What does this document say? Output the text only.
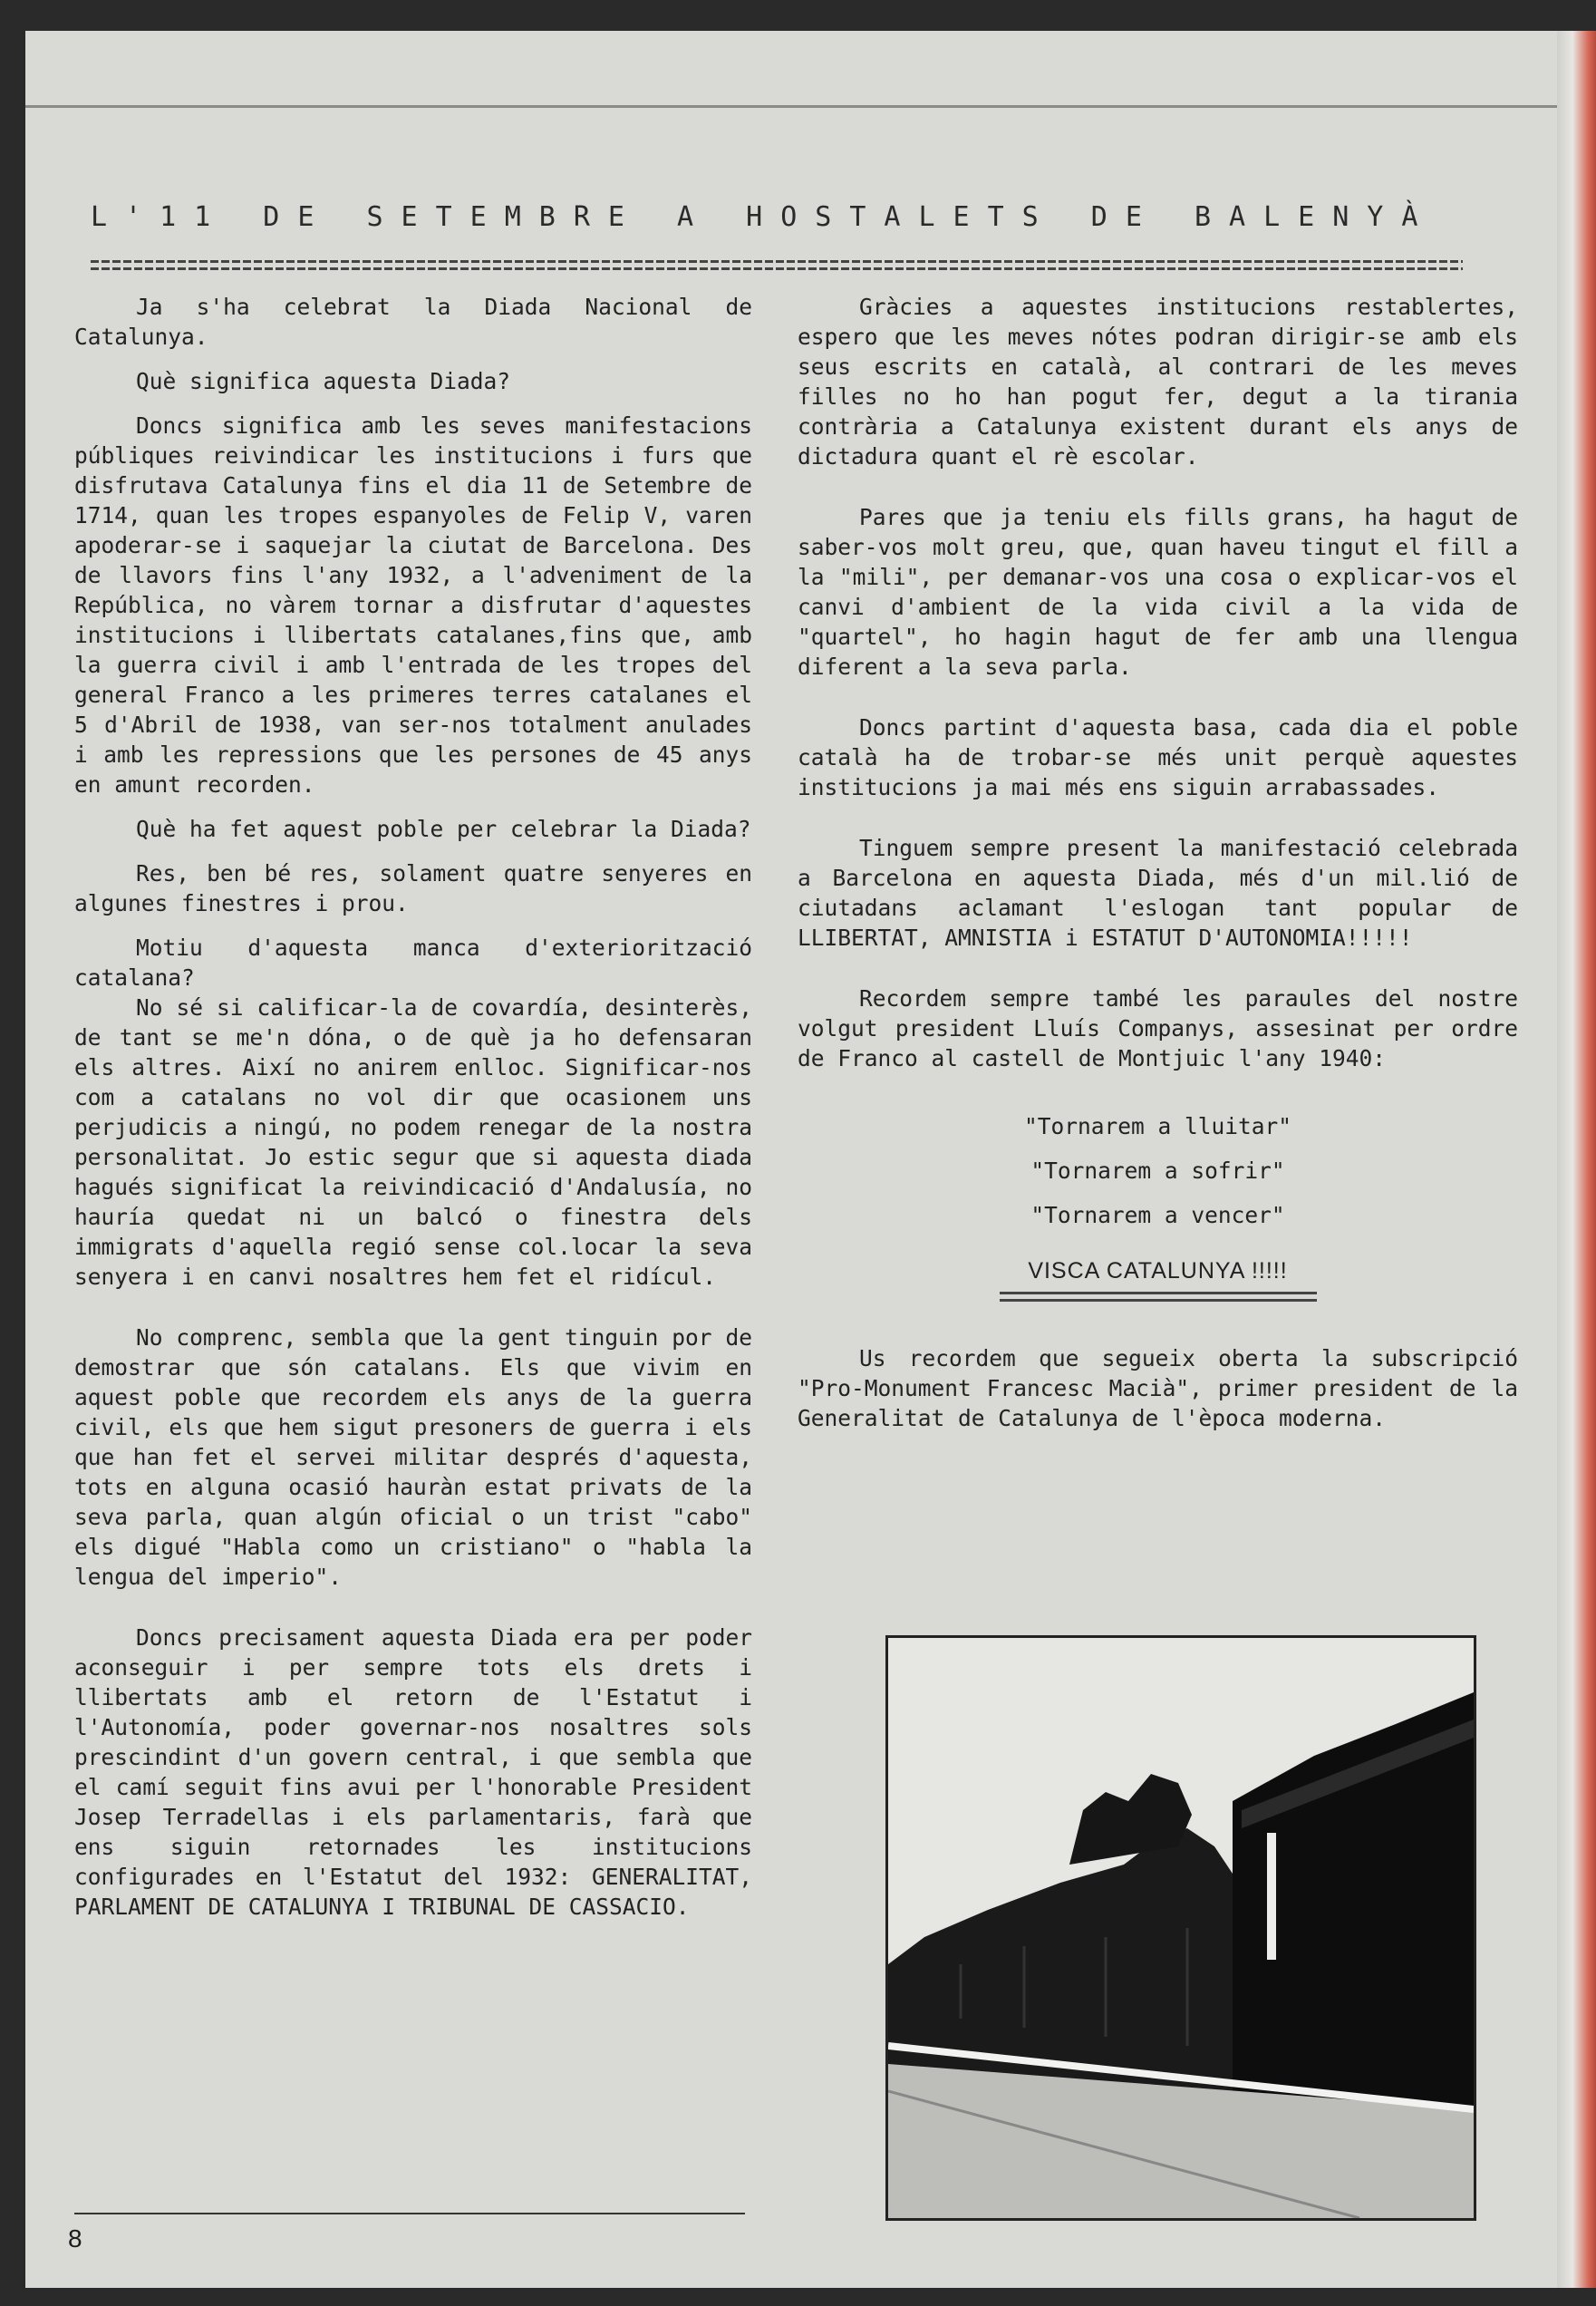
L'11 DE SETEMBRE A HOSTALETS DE BALENYÀ

Ja s'ha celebrat la Diada Nacional de Catalunya.

Què significa aquesta Diada?

Doncs significa amb les seves manifestacions públiques reivindicar les institucions i furs que disfrutava Catalunya fins el dia 11 de Setembre de 1714, quan les tropes espanyoles de Felip V, varen apoderar-se i saquejar la ciutat de Barcelona. Des de llavors fins l'any 1932, a l'adveniment de la República, no vàrem tornar a disfrutar d'aquestes institucions i llibertats catalanes,fins que, amb la guerra civil i amb l'entrada de les tropes del general Franco a les primeres terres catalanes el 5 d'Abril de 1938, van ser-nos totalment anulades i amb les repressions que les persones de 45 anys en amunt recorden.

Què ha fet aquest poble per celebrar la Diada?

Res, ben bé res, solament quatre senyeres en algunes finestres i prou.

Motiu d'aquesta manca d'exteriorització catalana?

No sé si calificar-la de covardía, desinterès, de tant se me'n dóna, o de què ja ho defensaran els altres. Així no anirem enlloc. Significar-nos com a catalans no vol dir que ocasionem uns perjudicis a ningú, no podem renegar de la nostra personalitat. Jo estic segur que si aquesta diada hagués significat la reivindicació d'Andalusía, no hauría quedat ni un balcó o finestra dels immigrats d'aquella regió sense col.locar la seva senyera i en canvi nosaltres hem fet el ridícul.

No comprenc, sembla que la gent tinguin por de demostrar que són catalans. Els que vivim en aquest poble que recordem els anys de la guerra civil, els que hem sigut presoners de guerra i els que han fet el servei militar després d'aquesta, tots en alguna ocasió hauràn estat privats de la seva parla, quan algún oficial o un trist "cabo" els digué "Habla como un cristiano" o "habla la lengua del imperio".

Doncs precisament aquesta Diada era per poder aconseguir i per sempre tots els drets i llibertats amb el retorn de l'Estatut i l'Autonomía, poder governar-nos nosaltres sols prescindint d'un govern central, i que sembla que el camí seguit fins avui per l'honorable President Josep Terradellas i els parlamentaris, farà que ens siguin retornades les institucions configurades en l'Estatut del 1932: GENERALITAT, PARLAMENT DE CATALUNYA I TRIBUNAL DE CASSACIO.

Gràcies a aquestes institucions restablertes, espero que les meves nótes podran dirigir-se amb els seus escrits en català, al contrari de les meves filles no ho han pogut fer, degut a la tirania contrària a Catalunya existent durant els anys de dictadura quant el rè escolar.

Pares que ja teniu els fills grans, ha hagut de saber-vos molt greu, que, quan haveu tingut el fill a la "mili", per demanar-vos una cosa o explicar-vos el canvi d'ambient de la vida civil a la vida de "quartel", ho hagin hagut de fer amb una llengua diferent a la seva parla.

Doncs partint d'aquesta basa, cada dia el poble català ha de trobar-se més unit perquè aquestes institucions ja mai més ens siguin arrabassades.

Tinguem sempre present la manifestació celebrada a Barcelona en aquesta Diada, més d'un mil.lió de ciutadans aclamant l'eslogan tant popular de LLIBERTAT, AMNISTIA i ESTATUT D'AUTONOMIA!!!!!

Recordem sempre també les paraules del nostre volgut president Lluís Companys, assesinat per ordre de Franco al castell de Montjuic l'any 1940:

"Tornarem a lluitar"
"Tornarem a sofrir"
"Tornarem a vencer"
VISCA CATALUNYA !!!!!

Us recordem que segueix oberta la subscripció "Pro-Monument Francesc Macià", primer president de la Generalitat de Catalunya de l'època moderna.

8
